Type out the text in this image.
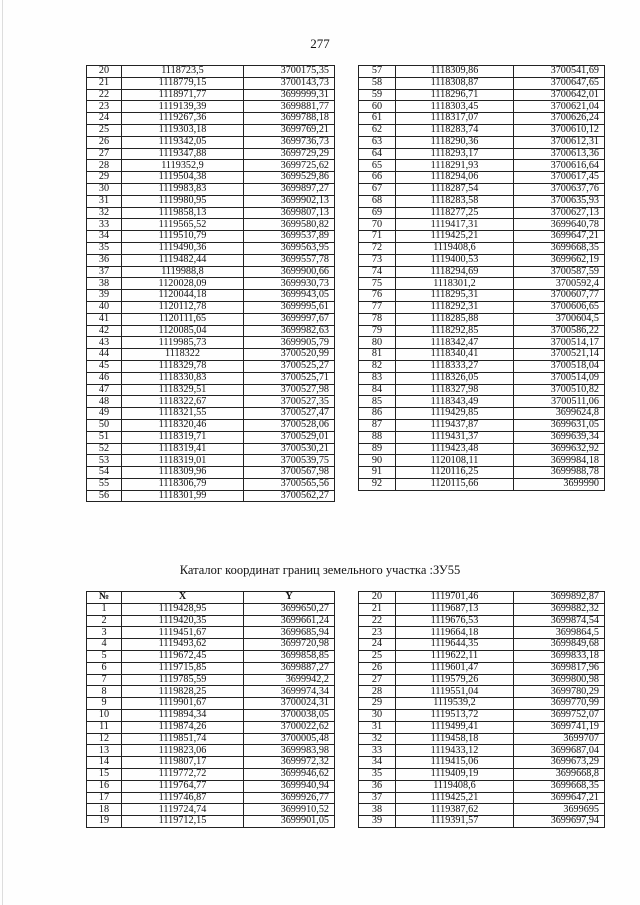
277
20	1118723,5	3700175,35
21	1118779,15	3700143,73
22	1118971,77	3699999,31
23	1119139,39	3699881,77
24	1119267,36	3699788,18
25	1119303,18	3699769,21
26	1119342,05	3699736,73
27	1119347,88	3699729,29
28	1119352,9	3699725,62
29	1119504,38	3699529,86
30	1119983,83	3699897,27
31	1119980,95	3699902,13
32	1119858,13	3699807,13
33	1119565,52	3699580,82
34	1119510,79	3699537,89
35	1119490,36	3699563,95
36	1119482,44	3699557,78
37	1119988,8	3699900,66
38	1120028,09	3699930,73
39	1120044,18	3699943,05
40	1120112,78	3699995,61
41	1120111,65	3699997,67
42	1120085,04	3699982,63
43	1119985,73	3699905,79
44	1118322	3700520,99
45	1118329,78	3700525,27
46	1118330,83	3700525,71
47	1118329,51	3700527,98
48	1118322,67	3700527,35
49	1118321,55	3700527,47
50	1118320,46	3700528,06
51	1118319,71	3700529,01
52	1118319,41	3700530,21
53	1118319,01	3700539,75
54	1118309,96	3700567,98
55	1118306,79	3700565,56
56	1118301,99	3700562,27
57	1118309,86	3700541,69
58	1118308,87	3700647,65
59	1118296,71	3700642,01
60	1118303,45	3700621,04
61	1118317,07	3700626,24
62	1118283,74	3700610,12
63	1118290,36	3700612,31
64	1118293,17	3700613,36
65	1118291,93	3700616,64
66	1118294,06	3700617,45
67	1118287,54	3700637,76
68	1118283,58	3700635,93
69	1118277,25	3700627,13
70	1119417,31	3699640,78
71	1119425,21	3699647,21
72	1119408,6	3699668,35
73	1119400,53	3699662,19
74	1118294,69	3700587,59
75	1118301,2	3700592,4
76	1118295,31	3700607,77
77	1118292,31	3700606,65
78	1118285,88	3700604,5
79	1118292,85	3700586,22
80	1118342,47	3700514,17
81	1118340,41	3700521,14
82	1118333,27	3700518,04
83	1118326,05	3700514,09
84	1118327,98	3700510,82
85	1118343,49	3700511,06
86	1119429,85	3699624,8
87	1119437,87	3699631,05
88	1119431,37	3699639,34
89	1119423,48	3699632,92
90	1120108,11	3699984,18
91	1120116,25	3699988,78
92	1120115,66	3699990
Каталог координат границ земельного участка :ЗУ55
№	X	Y
1	1119428,95	3699650,27
2	1119420,35	3699661,24
3	1119451,67	3699685,94
4	1119493,62	3699720,98
5	1119672,45	3699858,85
6	1119715,85	3699887,27
7	1119785,59	3699942,2
8	1119828,25	3699974,34
9	1119901,67	3700024,31
10	1119894,34	3700038,05
11	1119874,26	3700022,62
12	1119851,74	3700005,48
13	1119823,06	3699983,98
14	1119807,17	3699972,32
15	1119772,72	3699946,62
16	1119764,77	3699940,94
17	1119746,87	3699926,77
18	1119724,74	3699910,52
19	1119712,15	3699901,05
20	1119701,46	3699892,87
21	1119687,13	3699882,32
22	1119676,53	3699874,54
23	1119664,18	3699864,5
24	1119644,35	3699849,68
25	1119622,11	3699833,18
26	1119601,47	3699817,96
27	1119579,26	3699800,98
28	1119551,04	3699780,29
29	1119539,2	3699770,99
30	1119513,72	3699752,07
31	1119499,41	3699741,19
32	1119458,18	3699707
33	1119433,12	3699687,04
34	1119415,06	3699673,29
35	1119409,19	3699668,8
36	1119408,6	3699668,35
37	1119425,21	3699647,21
38	1119387,62	3699695
39	1119391,57	3699697,94
